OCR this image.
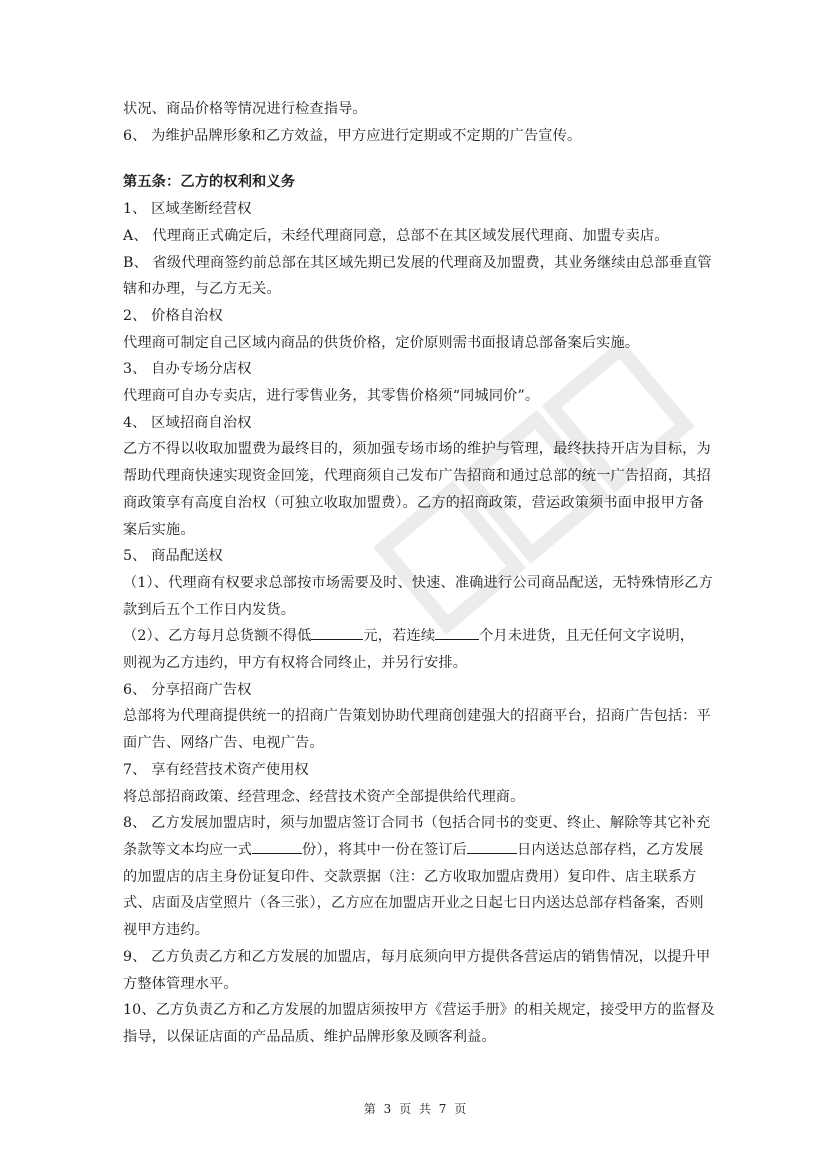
状况、商品价格等情况进行检查指导。
6、 为维护品牌形象和乙方效益，甲方应进行定期或不定期的广告宣传。
第五条：乙方的权利和义务
1、 区域垄断经营权
A、 代理商正式确定后，未经代理商同意，总部不在其区域发展代理商、加盟专卖店。
B、 省级代理商签约前总部在其区域先期已发展的代理商及加盟费，其业务继续由总部垂直管
辖和办理，与乙方无关。
2、 价格自治权
代理商可制定自己区域内商品的供货价格，定价原则需书面报请总部备案后实施。
3、 自办专场分店权
代理商可自办专卖店，进行零售业务，其零售价格须“同城同价”。
4、 区域招商自治权
乙方不得以收取加盟费为最终目的，须加强专场市场的维护与管理，最终扶持开店为目标，为
帮助代理商快速实现资金回笼，代理商须自己发布广告招商和通过总部的统一广告招商，其招
商政策享有高度自治权（可独立收取加盟费）。乙方的招商政策，营运政策须书面申报甲方备
案后实施。
5、 商品配送权
（1）、代理商有权要求总部按市场需要及时、快速、准确进行公司商品配送，无特殊情形乙方
款到后五个工作日内发货。
（2）、乙方每月总货额不得低	元，若连续	个月未进货，且无任何文字说明，
则视为乙方违约，甲方有权将合同终止，并另行安排。
6、 分享招商广告权
总部将为代理商提供统一的招商广告策划协助代理商创建强大的招商平台，招商广告包括：平
面广告、网络广告、电视广告。
7、 享有经营技术资产使用权
将总部招商政策、经营理念、经营技术资产全部提供给代理商。
8、 乙方发展加盟店时，须与加盟店签订合同书（包括合同书的变更、终止、解除等其它补充
条款等文本均应一式	份），将其中一份在签订后	日内送达总部存档，乙方发展
的加盟店的店主身份证复印件、交款票据（注：乙方收取加盟店费用）复印件、店主联系方
式、店面及店堂照片（各三张），乙方应在加盟店开业之日起七日内送达总部存档备案，否则
视甲方违约。
9、 乙方负责乙方和乙方发展的加盟店，每月底须向甲方提供各营运店的销售情况，以提升甲
方整体管理水平。
10、乙方负责乙方和乙方发展的加盟店须按甲方《营运手册》的相关规定，接受甲方的监督及
指导，以保证店面的产品品质、维护品牌形象及顾客利益。
第 3 页 共 7 页
